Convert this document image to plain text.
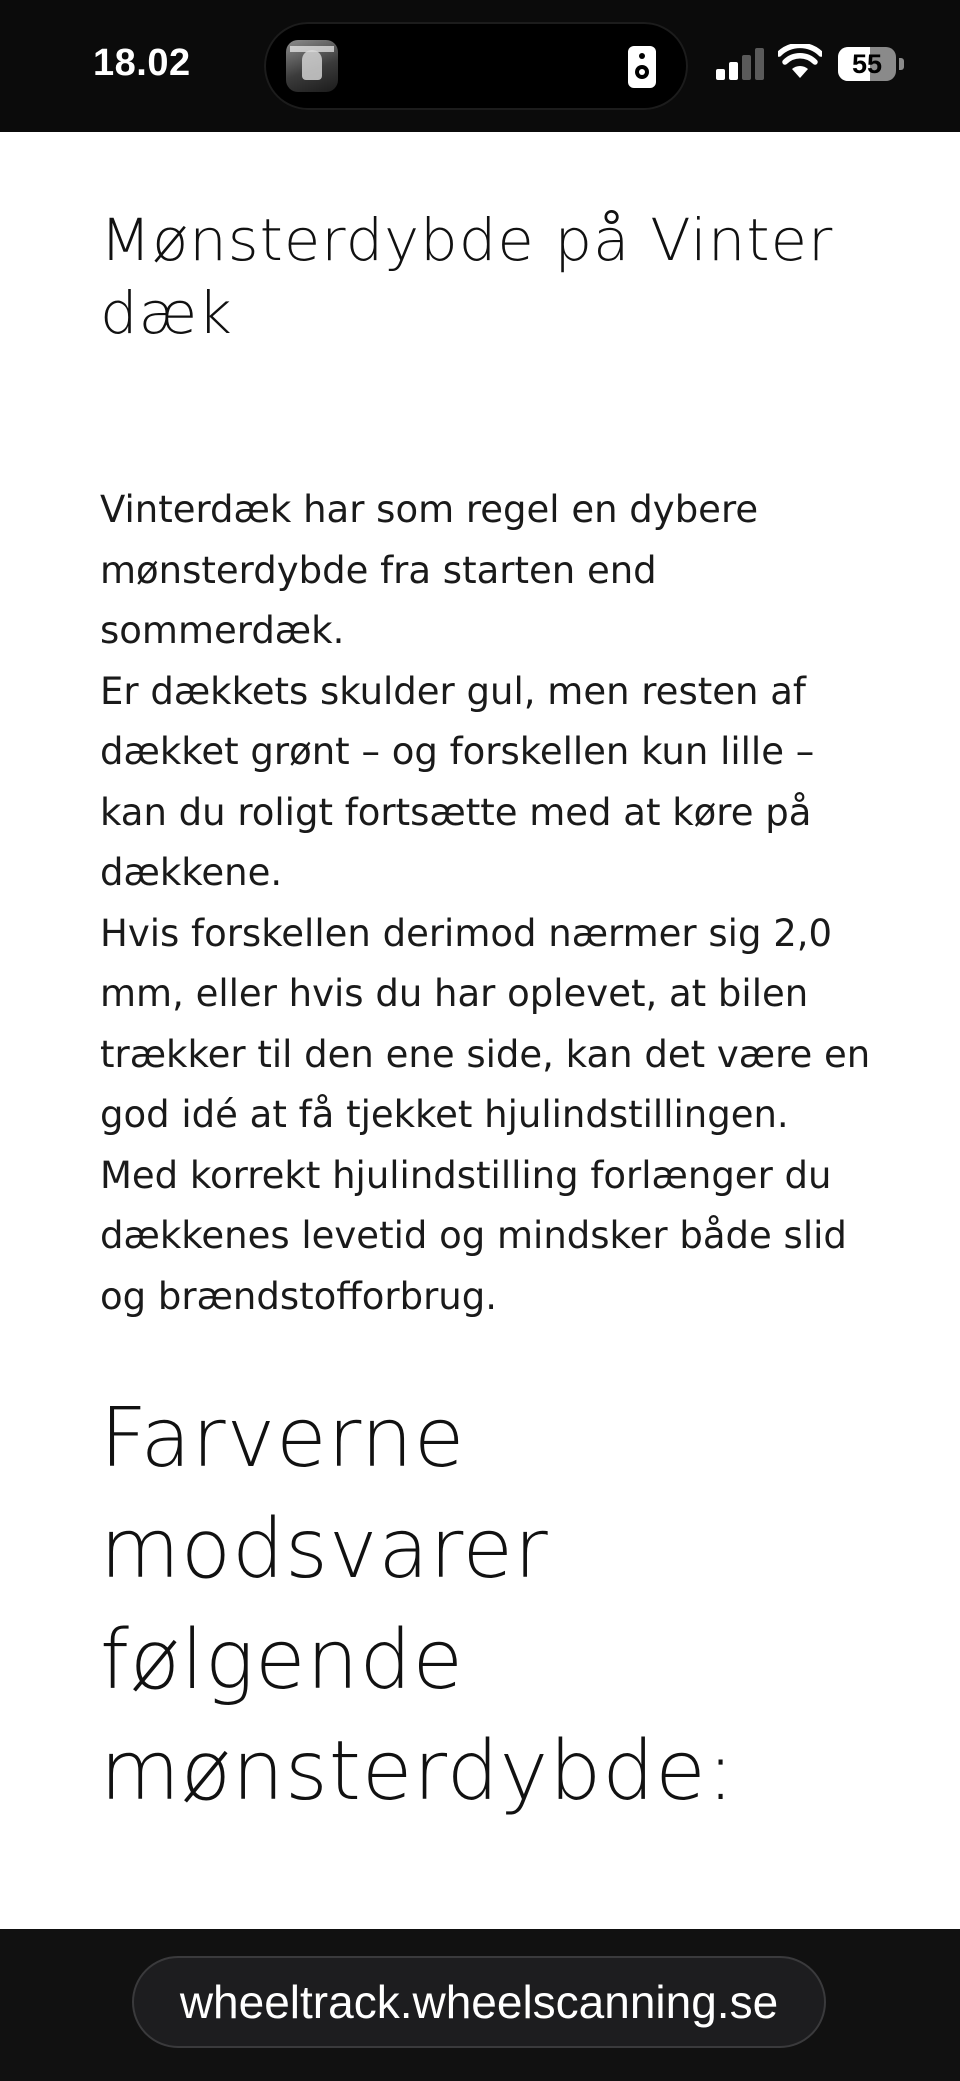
18.02	55
Mønsterdybde på Vinter dæk

Vinterdæk har som regel en dybere mønsterdybde fra starten end sommerdæk.

Er dækkets skulder gul, men resten af dækket grønt – og forskellen kun lille – kan du roligt fortsætte med at køre på dækkene.

Hvis forskellen derimod nærmer sig 2,0 mm, eller hvis du har oplevet, at bilen trækker til den ene side, kan det være en god idé at få tjekket hjulindstillingen.

Med korrekt hjulindstilling forlænger du dækkenes levetid og mindsker både slid og brændstofforbrug.

Farverne modsvarer følgende mønsterdybde:
wheeltrack.wheelscanning.se
